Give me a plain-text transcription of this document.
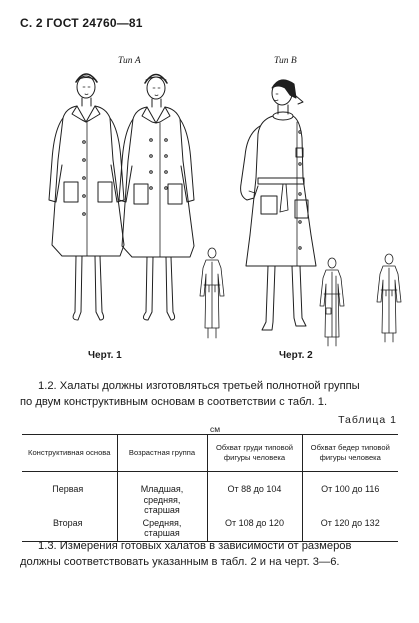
С. 2 ГОСТ 24760—81
Тип А	Тип В
Черт. 1	Черт. 2
1.2. Халаты должны изготовляться третьей полнотной группы
по двум конструктивным основам в соответствии с табл. 1.
Таблица 1
см
Конструктивная основа	Возрастная группа	Обхват груди типовой фигуры человека	Обхват бедер типовой фигуры человека
Первая	Младшая,
средняя,
старшая	От 88 до 104	От 100 до 116
Вторая	Средняя,
старшая	От 108 до 120	От 120 до 132
1.3. Измерения готовых халатов в зависимости от размеров
должны соответствовать указанным в табл. 2 и на черт. 3—6.
